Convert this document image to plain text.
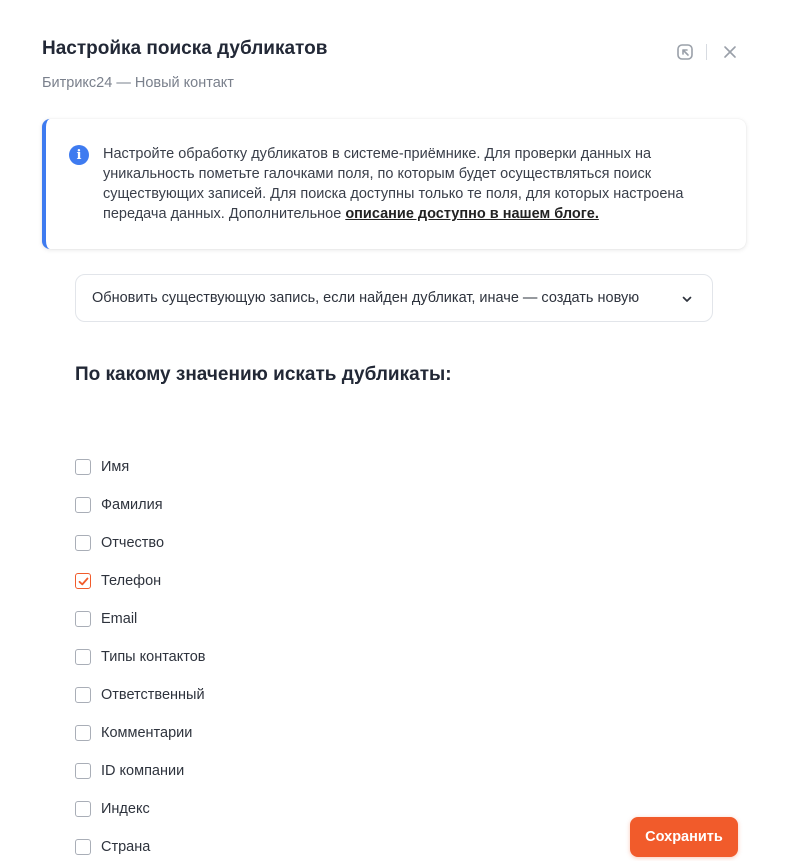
Настройка поиска дубликатов
Битрикс24 — Новый контакт
i	Настройте обработку дубликатов в системе-приёмнике. Для проверки данных на уникальность пометьте галочками поля, по которым будет осуществляться поиск существующих записей. Для поиска доступны только те поля, для которых настроена передача данных. Дополнительное описание доступно в нашем блоге.
Обновить существующую запись, если найден дубликат, иначе — создать новую
По какому значению искать дубликаты:
Имя
Фамилия
Отчество
Телефон
Email
Типы контактов
Ответственный
Комментарии
ID компании
Индекс
Страна
Сохранить
